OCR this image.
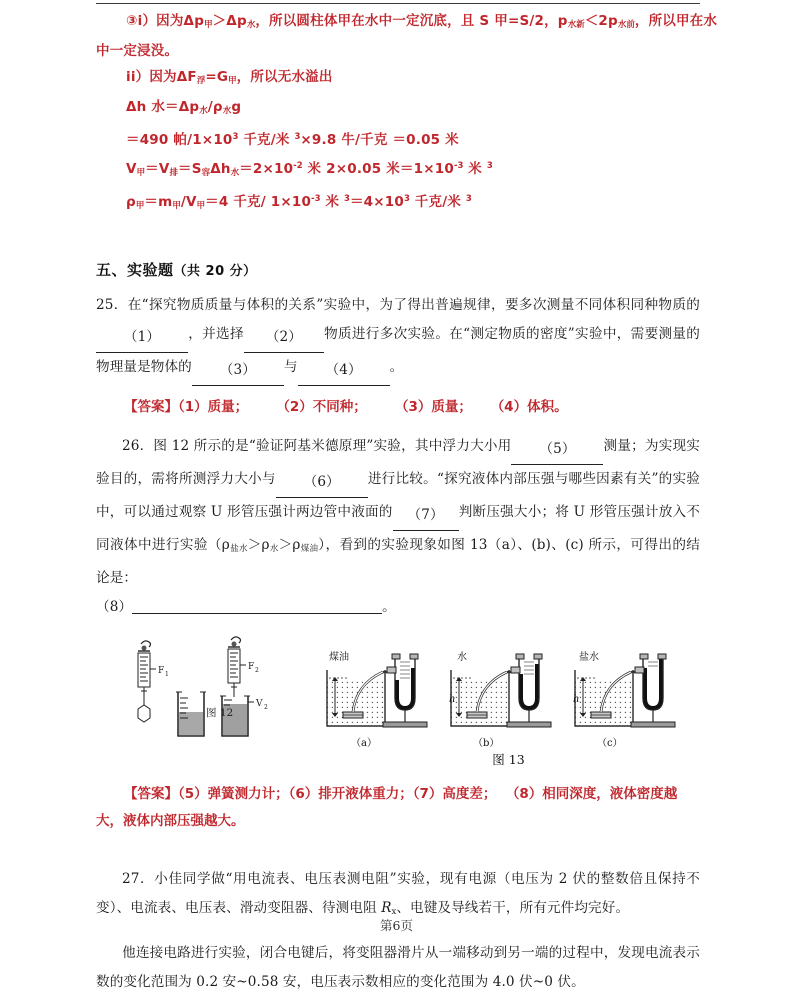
③i）因为$\Delta p_甲>\Delta p_水$，所以圆柱体甲在水中一定沉底，且 S 甲=S/2，$p_{水新}<2p_{水前}$，所以甲在水
中一定浸没。
ii）因为$\Delta F_浮=G_甲$，所以无水溢出
Δh 水$=\Delta p_水/\rho_水g$
＝490 帕$/1\times 10^3$ 千克/米 $^3$×9.8 牛/千克 ＝0.05 米
$V_甲=V_排=S_容\Delta h_水=2\times 10^{-2}$ 米 2×0.05 米$=1\times 10^{-3}$ 米 $^3$
$\rho_甲=m_甲/V_甲=4$ 千克/ $1\times 10^{-3}$ 米 $^3=4\times 10^3$ 千克/米 $^3$
五、实验题（共 20 分）
25．在“探究物质质量与体积的关系”实验中，为了得出普遍规律，要多次测量不同体积同种物质的（1） ，并选择 （2） 物质进行多次实验。在“测定物质的密度”实验中，需要测量的物理量是物体的 （3） 与 （4） 。
【答案】（1）质量； （2）不同种； （3）质量； （4）体积。
26．图 12 所示的是“验证阿基米德原理”实验，其中浮力大小用 （5） 测量；为实现实验目的，需将所测浮力大小与 （6） 进行比较。“探究液体内部压强与哪些因素有关”的实验中，可以通过观察 U 形管压强计两边管中液面的 （7） 判断压强大小；将 U 形管压强计放入不同液体中进行实验$(\rho_{盐水}>\rho_水>\rho_{煤油})$，看到的实验现象如图 13（a）、(b)、(c) 所示，可得出的结论是：
（8）	。
F 1
F 2
V 2
图 12
煤油
（a）
水
（b）
h
盐水
（c）
h
图 13
【答案】（5）弹簧测力计；（6）排开液体重力；（7）高度差； （8）相同深度，液体密度越
大，液体内部压强越大。
27．小佳同学做“用电流表、电压表测电阻”实验，现有电源（电压为 2 伏的整数倍且保持不变）、电流表、电压表、滑动变阻器、待测电阻 $R_x$、电键及导线若干，所有元件均完好。
他连接电路进行实验，闭合电键后，将变阻器滑片从一端移动到另一端的过程中，发现电流表示数的变化范围为 0.2 安~0.58 安，电压表示数相应的变化范围为 4.0 伏~0 伏。
第6页
